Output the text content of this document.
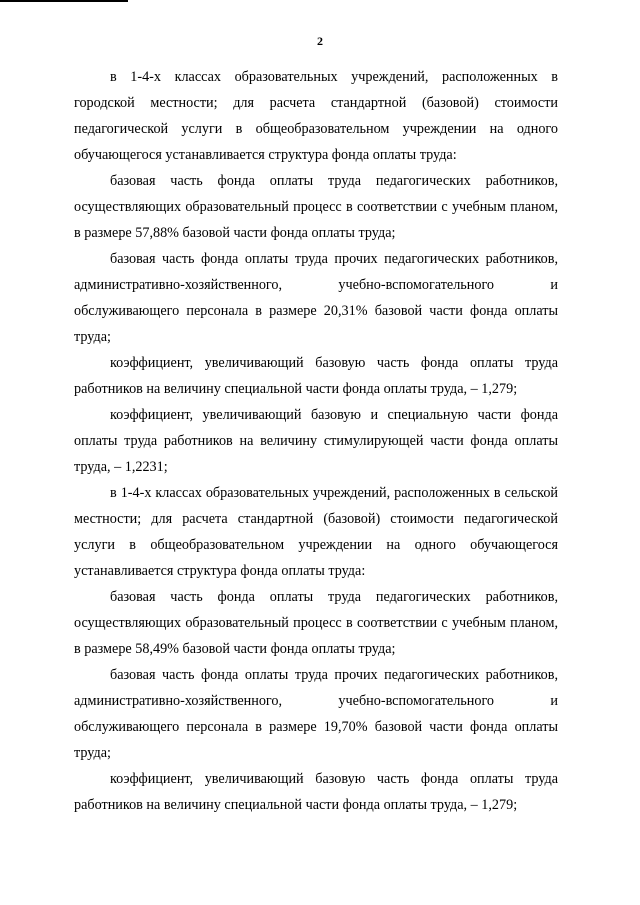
2

в 1-4-х классах образовательных учреждений, расположенных в городской местности; для расчета стандартной (базовой) стоимости педагогической услуги в общеобразовательном учреждении на одного обучающегося устанавливается структура фонда оплаты труда:

базовая часть фонда оплаты труда педагогических работников, осуществляющих образовательный процесс в соответствии с учебным планом, в размере 57,88% базовой части фонда оплаты труда;

базовая часть фонда оплаты труда прочих педагогических работников, административно-хозяйственного, учебно-вспомогательного и обслуживающего персонала в размере 20,31% базовой части фонда оплаты труда;

коэффициент, увеличивающий базовую часть фонда оплаты труда работников на величину специальной части фонда оплаты труда, – 1,279;

коэффициент, увеличивающий базовую и специальную части фонда оплаты труда работников на величину стимулирующей части фонда оплаты труда, – 1,2231;

в 1-4-х классах образовательных учреждений, расположенных в сельской местности; для расчета стандартной (базовой) стоимости педагогической услуги в общеобразовательном учреждении на одного обучающегося устанавливается структура фонда оплаты труда:

базовая часть фонда оплаты труда педагогических работников, осуществляющих образовательный процесс в соответствии с учебным планом, в размере 58,49% базовой части фонда оплаты труда;

базовая часть фонда оплаты труда прочих педагогических работников, административно-хозяйственного, учебно-вспомогательного и обслуживающего персонала в размере 19,70% базовой части фонда оплаты труда;

коэффициент, увеличивающий базовую часть фонда оплаты труда работников на величину специальной части фонда оплаты труда, – 1,279;
